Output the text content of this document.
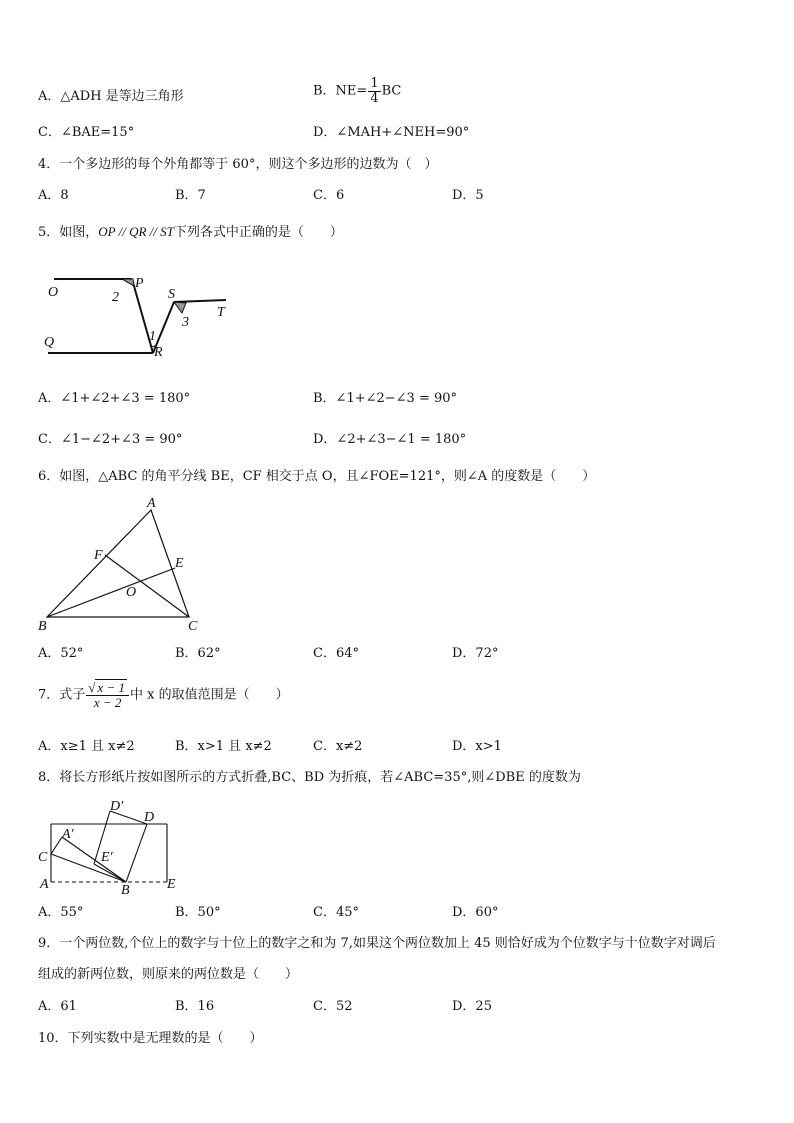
A．△ADH 是等边三角形	B．$NE= \frac{1}{4}$ BC
C．∠BAE=15°	D．∠MAH+∠NEH=90°
4．一个多边形的每个外角都等于 60°，则这个多边形的边数为（　）
A．8	B．7	C．6	D．5
5．如图，OP // QR // ST下列各式中正确的是（　　）
O
P
2	S
3
T
1
Q
R
A．∠1+∠2+∠3 = 180°	B．∠1+∠2−∠3 = 90°
C．∠1−∠2+∠3 = 90°	D．∠2+∠3−∠1 = 180°
6．如图，△ABC 的角平分线 BE，CF 相交于点 O，且∠FOE=121°，则∠A 的度数是（　　）
A
F
E
O
B	C
A．52°	B．62°	C．64°	D．72°
7．式子 $\frac{√ x - 1}{x - 2}$ 中 x 的取值范围是（　　）
A．x≥1 且 x≠2	B．x>1 且 x≠2	C．x≠2	D．x>1
8．将长方形纸片按如图所示的方式折叠,BC、BD 为折痕，若∠ABC=35°,则∠DBE 的度数为
D′
D
A′
C	E′
A	B	E
A．55°	B．50°	C．45°	D．60°
9．一个两位数,个位上的数字与十位上的数字之和为 7,如果这个两位数加上 45 则恰好成为个位数字与十位数字对调后
组成的新两位数，则原来的两位数是（　　）
A．61	B．16	C．52	D．25
10．下列实数中是无理数的是（　　）
